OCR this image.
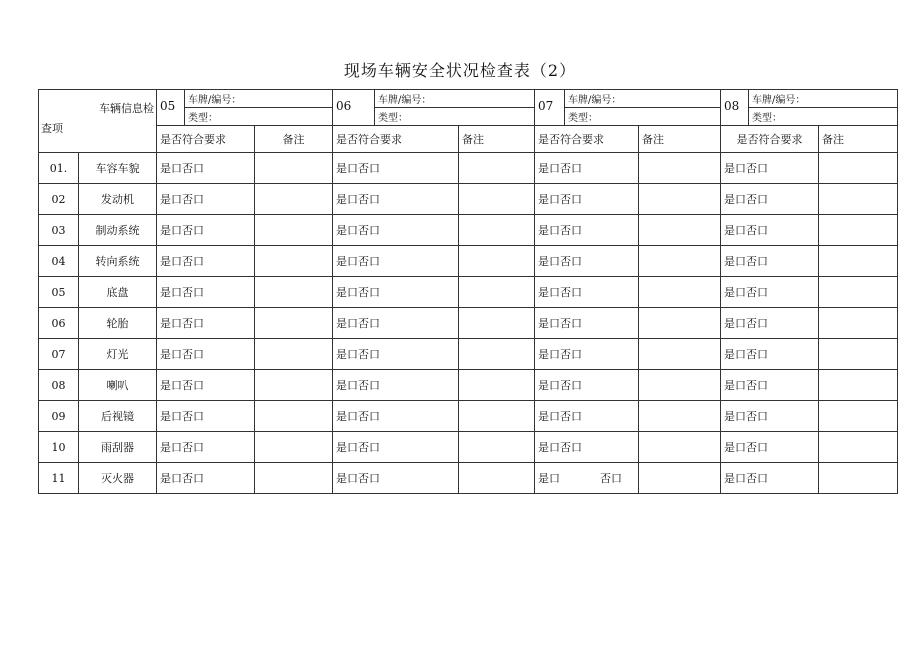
现场车辆安全状况检查表（2）
车辆信息检
查项		05	车牌/编号：		06	车牌/编号：		07	车牌/编号：		08	车牌/编号：	
			类型：			类型：			类型：			类型：	
		是否符合要求		备注	是否符合要求		备注	是否符合要求		备注	是否符合要求		备注
01.	车容车貌	是口否口			是口否口			是口否口			是口否口		
02	发动机	是口否口			是口否口			是口否口			是口否口		
03	制动系统	是口否口			是口否口			是口否口			是口否口		
04	转向系统	是口否口			是口否口			是口否口			是口否口		
05	底盘	是口否口			是口否口			是口否口			是口否口		
06	轮胎	是口否口			是口否口			是口否口			是口否口		
07	灯光	是口否口			是口否口			是口否口			是口否口		
08	喇叭	是口否口			是口否口			是口否口			是口否口		
09	后视镜	是口否口			是口否口			是口否口			是口否口		
10	雨刮器	是口否口			是口否口			是口否口			是口否口		
11	灭火器	是口否口			是口否口			是口 否口			是口否口		
